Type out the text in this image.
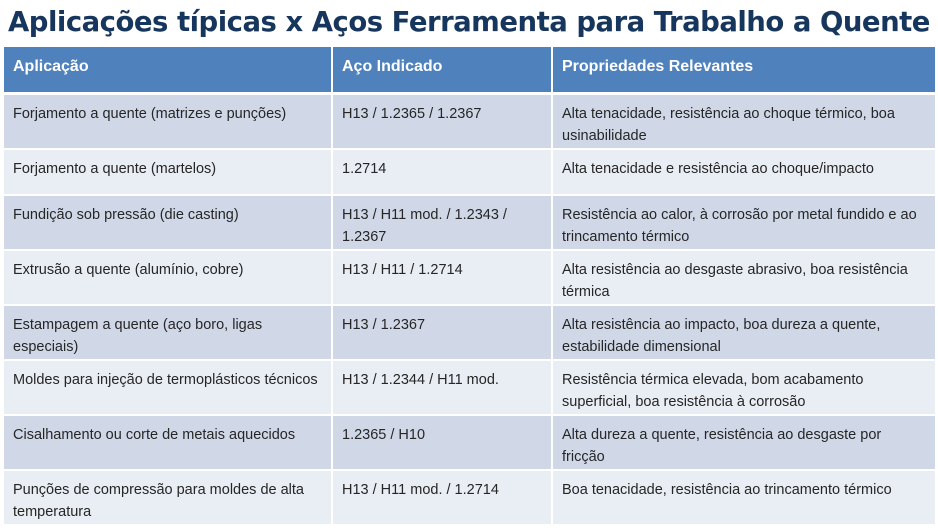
Aplicações típicas x Aços Ferramenta para Trabalho a Quente
Aplicação	Aço Indicado	Propriedades Relevantes
Forjamento a quente (matrizes e punções)	H13 / 1.2365 / 1.2367	Alta tenacidade, resistência ao choque térmico, boa usinabilidade
Forjamento a quente (martelos)	1.2714	Alta tenacidade e resistência ao choque/impacto
Fundição sob pressão (die casting)	H13 / H11 mod. / 1.2343 / 1.2367	Resistência ao calor, à corrosão por metal fundido e ao trincamento térmico
Extrusão a quente (alumínio, cobre)	H13 / H11 / 1.2714	Alta resistência ao desgaste abrasivo, boa resistência térmica
Estampagem a quente (aço boro, ligas especiais)	H13 / 1.2367	Alta resistência ao impacto, boa dureza a quente, estabilidade dimensional
Moldes para injeção de termoplásticos técnicos	H13 / 1.2344 / H11 mod.	Resistência térmica elevada, bom acabamento superficial, boa resistência à corrosão
Cisalhamento ou corte de metais aquecidos	1.2365 / H10	Alta dureza a quente, resistência ao desgaste por fricção
Punções de compressão para moldes de alta temperatura	H13 / H11 mod. / 1.2714	Boa tenacidade, resistência ao trincamento térmico
